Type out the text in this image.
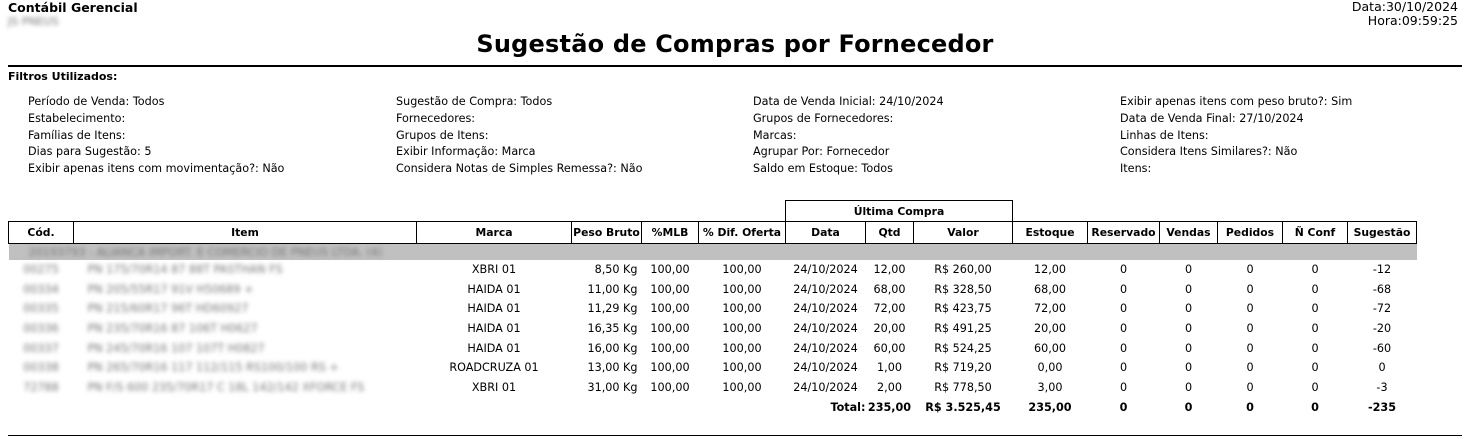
Contábil Gerencial
JS PNEUS
Data:30/10/2024
Hora:09:59:25
Sugestão de Compras por Fornecedor
Filtros Utilizados:
Período de Venda: Todos
Estabelecimento:
Famílias de Itens:
Dias para Sugestão: 5
Exibir apenas itens com movimentação?: Não
Sugestão de Compra: Todos
Fornecedores:
Grupos de Itens:
Exibir Informação: Marca
Considera Notas de Simples Remessa?: Não
Data de Venda Inicial: 24/10/2024
Grupos de Fornecedores:
Marcas:
Agrupar Por: Fornecedor
Saldo em Estoque: Todos
Exibir apenas itens com peso bruto?: Sim
Data de Venda Final: 27/10/2024
Linhas de Itens:
Considera Itens Similares?: Não
Itens:
						Última Compra								
Cód.	Item	Marca	Peso Bruto	%MLB	% Dif. Oferta	Data	Qtd	Valor	Estoque	Reservado	Vendas	Pedidos	Ñ Conf	Sugestão
20193793 - ALIANCA IMPORT. E COMERCIO DE PNEUS LTDA. (4)														
00275	PN 175/70R14 87 88T PASTHAN FS	XBRI 01	8,50 Kg	100,00	100,00	24/10/2024	12,00	R$ 260,00	12,00	0	0	0	0	-12
00334	PN 205/55R17 91V H50689 +	HAIDA 01	11,00 Kg	100,00	100,00	24/10/2024	68,00	R$ 328,50	68,00	0	0	0	0	-68
00335	PN 215/60R17 96T HD60927	HAIDA 01	11,29 Kg	100,00	100,00	24/10/2024	72,00	R$ 423,75	72,00	0	0	0	0	-72
00336	PN 235/70R16 87 106T H0627	HAIDA 01	16,35 Kg	100,00	100,00	24/10/2024	20,00	R$ 491,25	20,00	0	0	0	0	-20
00337	PN 245/70R16 107 107T H0827	HAIDA 01	16,00 Kg	100,00	100,00	24/10/2024	60,00	R$ 524,25	60,00	0	0	0	0	-60
00338	PN 265/70R16 117 112/115 RS100/100 RS +	ROADCRUZA 01	13,00 Kg	100,00	100,00	24/10/2024	1,00	R$ 719,20	0,00	0	0	0	0	0
72788	PN F/S 600 235/70R17 C 18L 142/142 XFORCE FS	XBRI 01	31,00 Kg	100,00	100,00	24/10/2024	2,00	R$ 778,50	3,00	0	0	0	0	-3
						Total:	235,00	R$ 3.525,45	235,00	0	0	0	0	-235
